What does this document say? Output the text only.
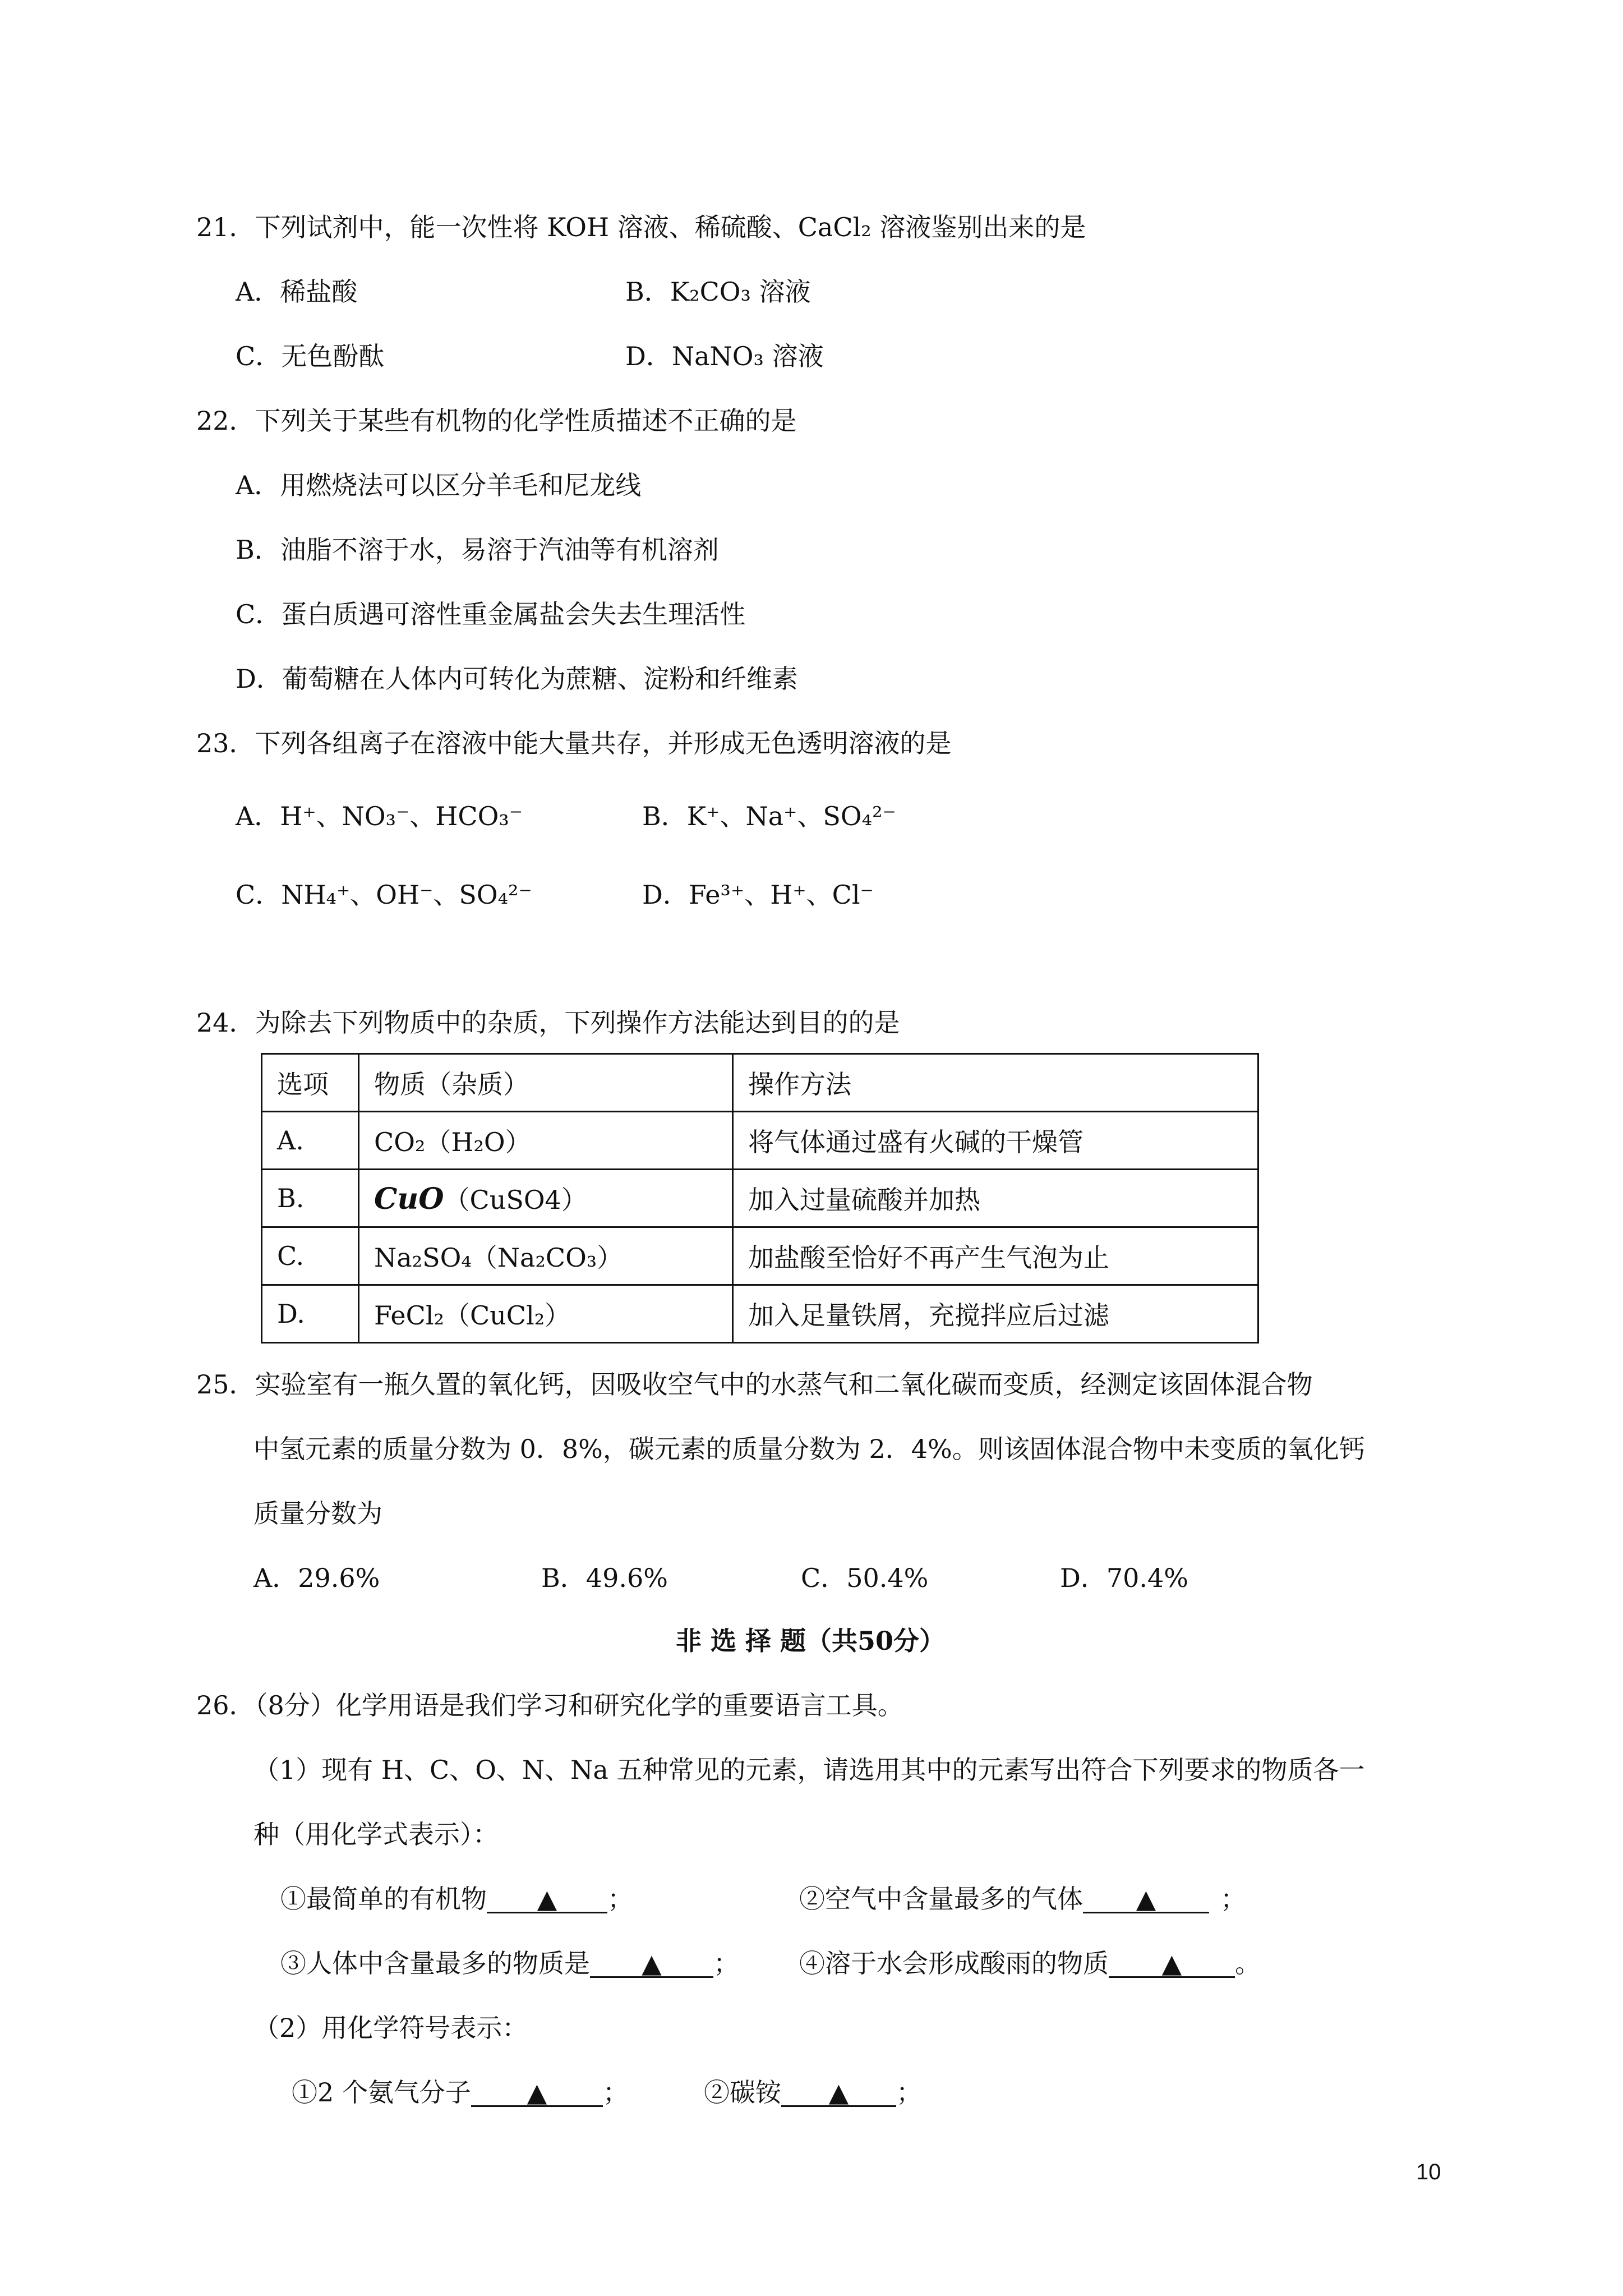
21．下列试剂中，能一次性将 KOH 溶液、稀硫酸、CaCl₂ 溶液鉴别出来的是
A．稀盐酸	B．K₂CO₃ 溶液
C．无色酚酞	D．NaNO₃ 溶液
22．下列关于某些有机物的化学性质描述不正确的是
A．用燃烧法可以区分羊毛和尼龙线
B．油脂不溶于水，易溶于汽油等有机溶剂
C．蛋白质遇可溶性重金属盐会失去生理活性
D．葡萄糖在人体内可转化为蔗糖、淀粉和纤维素
23．下列各组离子在溶液中能大量共存，并形成无色透明溶液的是
A．H⁺、NO₃⁻、HCO₃⁻	B．K⁺、Na⁺、SO₄²⁻
C．NH₄⁺、OH⁻、SO₄²⁻	D．Fe³⁺、H⁺、Cl⁻
24．为除去下列物质中的杂质，下列操作方法能达到目的的是
选项	物质（杂质）	操作方法
A.	CO₂（H₂O）	将气体通过盛有火碱的干燥管
B.	CuO（CuSO4）	加入过量硫酸并加热
C.	Na₂SO₄（Na₂CO₃）	加盐酸至恰好不再产生气泡为止
D.	FeCl₂（CuCl₂）	加入足量铁屑，充搅拌应后过滤
25．实验室有一瓶久置的氧化钙，因吸收空气中的水蒸气和二氧化碳而变质，经测定该固体混合物
中氢元素的质量分数为 0．8%，碳元素的质量分数为 2．4%。则该固体混合物中未变质的氧化钙
质量分数为
A．29.6%	B．49.6%	C．50.4%	D．70.4%
非 选 择 题（共50分）
26．（8分）化学用语是我们学习和研究化学的重要语言工具。
（1）现有 H、C、O、N、Na 五种常见的元素，请选用其中的元素写出符合下列要求的物质各一
种（用化学式表示）：
①最简单的有机物 ▲ ；	②空气中含量最多的气体 ▲ ；
③人体中含量最多的物质是 ▲ ； ④溶于水会形成酸雨的物质 ▲ 。
（2）用化学符号表示：
①2 个氨气分子 ▲ ；	②碳铵 ▲ ；
10
